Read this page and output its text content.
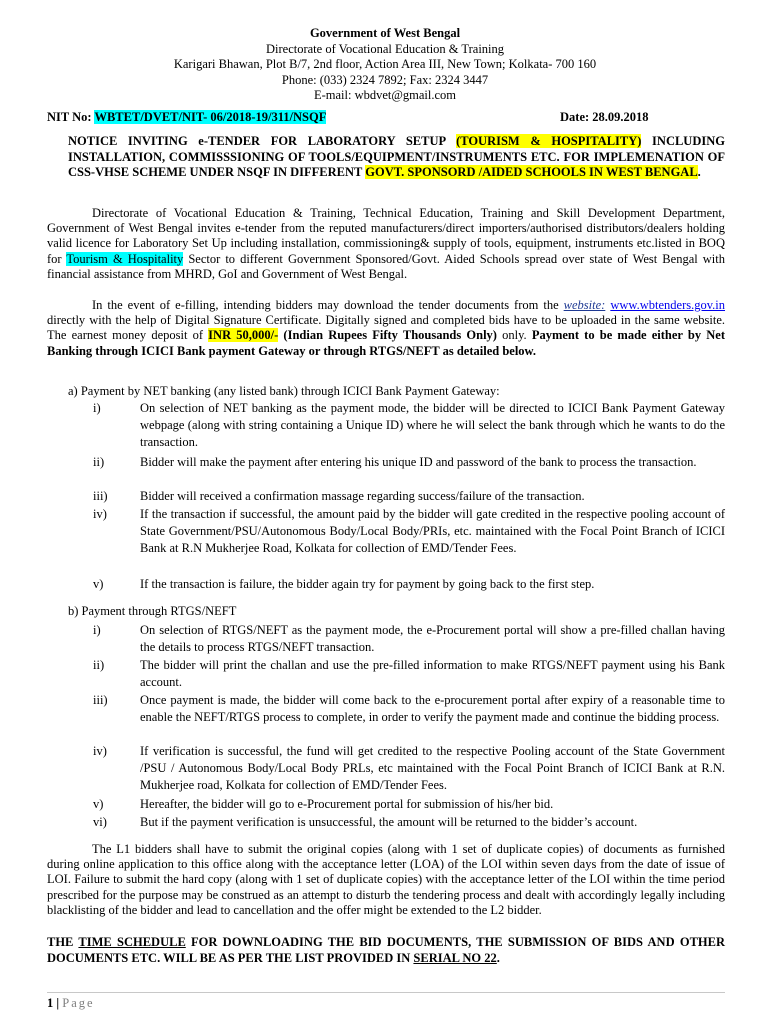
Government of West Bengal
Directorate of Vocational Education & Training
Karigari Bhawan, Plot B/7, 2nd floor, Action Area III, New Town; Kolkata- 700 160
Phone: (033) 2324 7892; Fax: 2324 3447
E-mail: wbdvet@gmail.com
NIT No: WBTET/DVET/NIT- 06/2018-19/311/NSQF	Date: 28.09.2018
NOTICE INVITING e-TENDER FOR LABORATORY SETUP (TOURISM & HOSPITALITY) INCLUDING INSTALLATION, COMMISSSIONING OF TOOLS/EQUIPMENT/INSTRUMENTS ETC. FOR IMPLEMENATION OF CSS-VHSE SCHEME UNDER NSQF IN DIFFERENT GOVT. SPONSORD /AIDED SCHOOLS IN WEST BENGAL.
Directorate of Vocational Education & Training, Technical Education, Training and Skill Development Department, Government of West Bengal invites e-tender from the reputed manufacturers/direct importers/authorised distributors/dealers holding valid licence for Laboratory Set Up including installation, commissioning& supply of tools, equipment, instruments etc.listed in BOQ for Tourism & Hospitality Sector to different Government Sponsored/Govt. Aided Schools spread over state of West Bengal with financial assistance from MHRD, GoI and Government of West Bengal.
In the event of e-filling, intending bidders may download the tender documents from the website: www.wbtenders.gov.in directly with the help of Digital Signature Certificate. Digitally signed and completed bids have to be uploaded in the same website. The earnest money deposit of INR 50,000/- (Indian Rupees Fifty Thousands Only) only. Payment to be made either by Net Banking through ICICI Bank payment Gateway or through RTGS/NEFT as detailed below.
a) Payment by NET banking (any listed bank) through ICICI Bank Payment Gateway:
i)	On selection of NET banking as the payment mode, the bidder will be directed to ICICI Bank Payment Gateway webpage (along with string containing a Unique ID) where he will select the bank through which he wants to do the transaction.
ii)	Bidder will make the payment after entering his unique ID and password of the bank to process the transaction.
iii)	Bidder will received a confirmation massage regarding success/failure of the transaction.
iv)	If the transaction if successful, the amount paid by the bidder will gate credited in the respective pooling account of State Government/PSU/Autonomous Body/Local Body/PRIs, etc. maintained with the Focal Point Branch of ICICI Bank at R.N Mukherjee Road, Kolkata for collection of EMD/Tender Fees.
v)	If the transaction is failure, the bidder again try for payment by going back to the first step.
b) Payment through RTGS/NEFT
i)	On selection of RTGS/NEFT as the payment mode, the e-Procurement portal will show a pre-filled challan having the details to process RTGS/NEFT transaction.
ii)	The bidder will print the challan and use the pre-filled information to make RTGS/NEFT payment using his Bank account.
iii)	Once payment is made, the bidder will come back to the e-procurement portal after expiry of a reasonable time to enable the NEFT/RTGS process to complete, in order to verify the payment made and continue the bidding process.
iv)	If verification is successful, the fund will get credited to the respective Pooling account of the State Government /PSU / Autonomous Body/Local Body PRLs, etc maintained with the Focal Point Branch of ICICI Bank at R.N. Mukherjee road, Kolkata for collection of EMD/Tender Fees.
v)	Hereafter, the bidder will go to e-Procurement portal for submission of his/her bid.
vi)	But if the payment verification is unsuccessful, the amount will be returned to the bidder’s account.
The L1 bidders shall have to submit the original copies (along with 1 set of duplicate copies) of documents as furnished during online application to this office along with the acceptance letter (LOA) of the LOI within seven days from the date of issue of LOI. Failure to submit the hard copy (along with 1 set of duplicate copies) with the acceptance letter of the LOI within the time period prescribed for the purpose may be construed as an attempt to disturb the tendering process and dealt with accordingly legally including blacklisting of the bidder and lead to cancellation and the offer might be extended to the L2 bidder.
THE TIME SCHEDULE FOR DOWNLOADING THE BID DOCUMENTS, THE SUBMISSION OF BIDS AND OTHER DOCUMENTS ETC. WILL BE AS PER THE LIST PROVIDED IN SERIAL NO 22.
1 | Page
